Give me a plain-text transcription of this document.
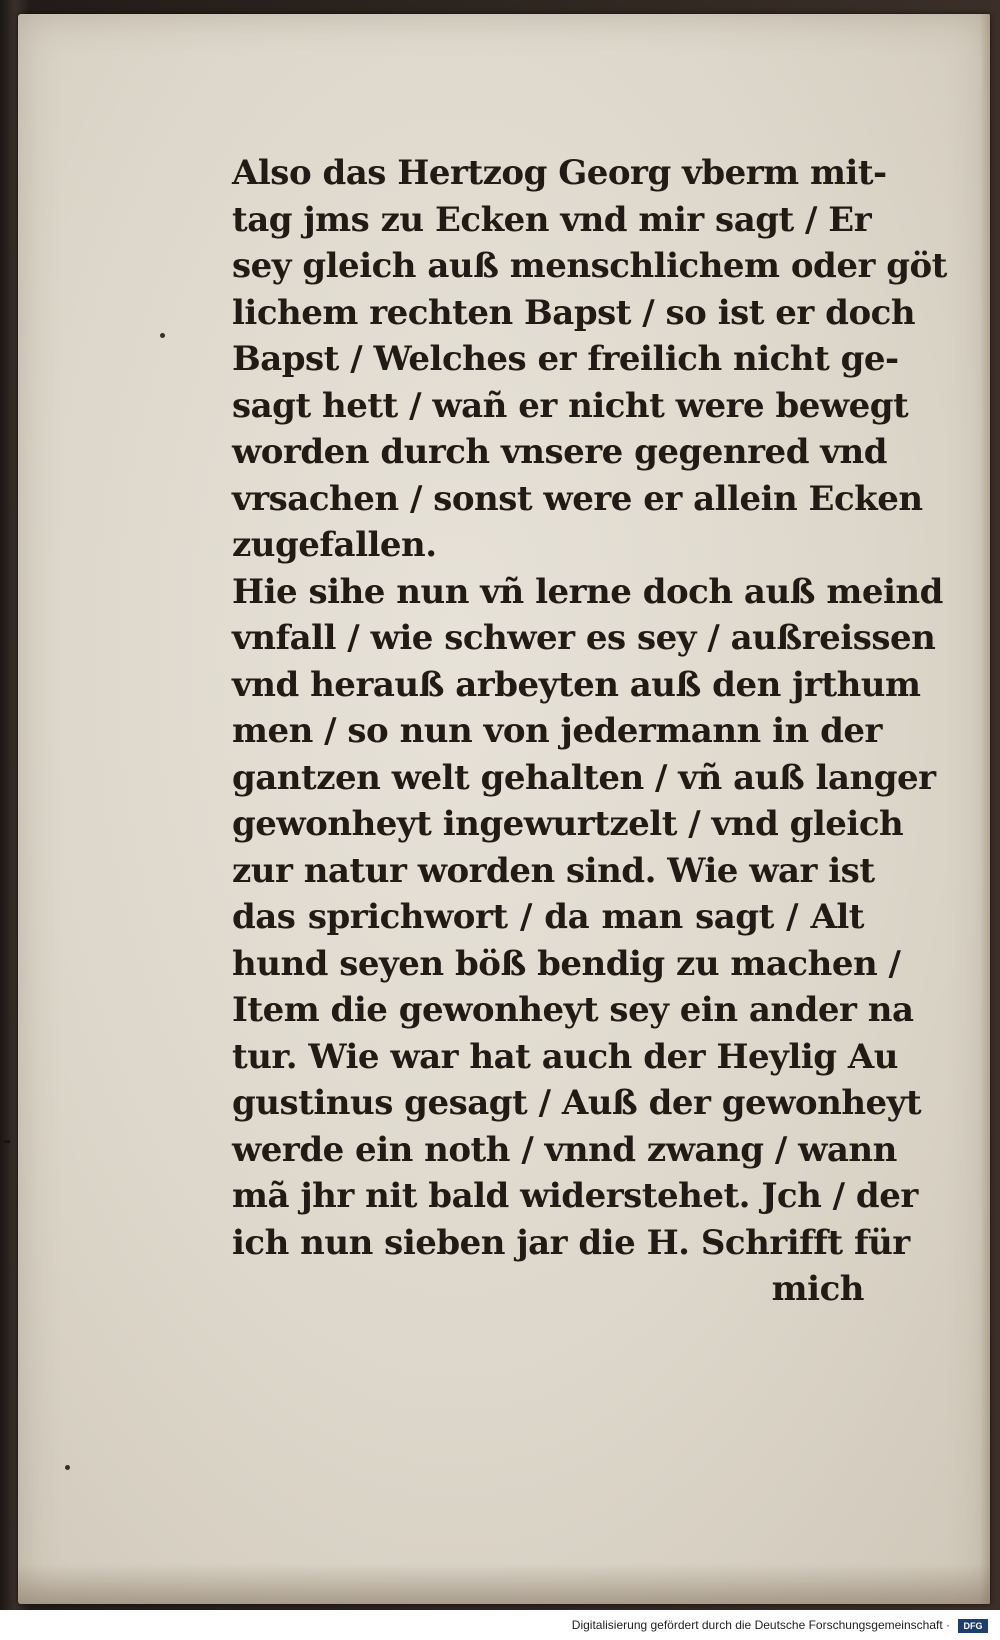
Also das Hertzog Georg vberm mit-
tag jms zu Ecken vnd mir sagt / Er
sey gleich auß menschlichem oder göt
lichem rechten Bapst / so ist er doch
Bapst / Welches er freilich nicht ge-
sagt hett / wañ er nicht were bewegt
worden durch vnsere gegenred vnd
vrsachen / sonst were er allein Ecken
zugefallen.
Hie sihe nun vñ lerne doch auß meind
vnfall / wie schwer es sey / außreissen
vnd herauß arbeyten auß den jrthum
men / so nun von jedermann in der
gantzen welt gehalten / vñ auß langer
gewonheyt ingewurtzelt / vnd gleich
zur natur worden sind. Wie war ist
das sprichwort / da man sagt / Alt
hund seyen böß bendig zu machen /
Item die gewonheyt sey ein ander na
tur. Wie war hat auch der Heylig Au
gustinus gesagt / Auß der gewonheyt
werde ein noth / vnnd zwang / wann
mã jhr nit bald widerstehet. Jch / der
ich nun sieben jar die H. Schrifft für
mich
Digitalisierung gefördert durch die Deutsche Forschungsgemeinschaft ·	DFG
